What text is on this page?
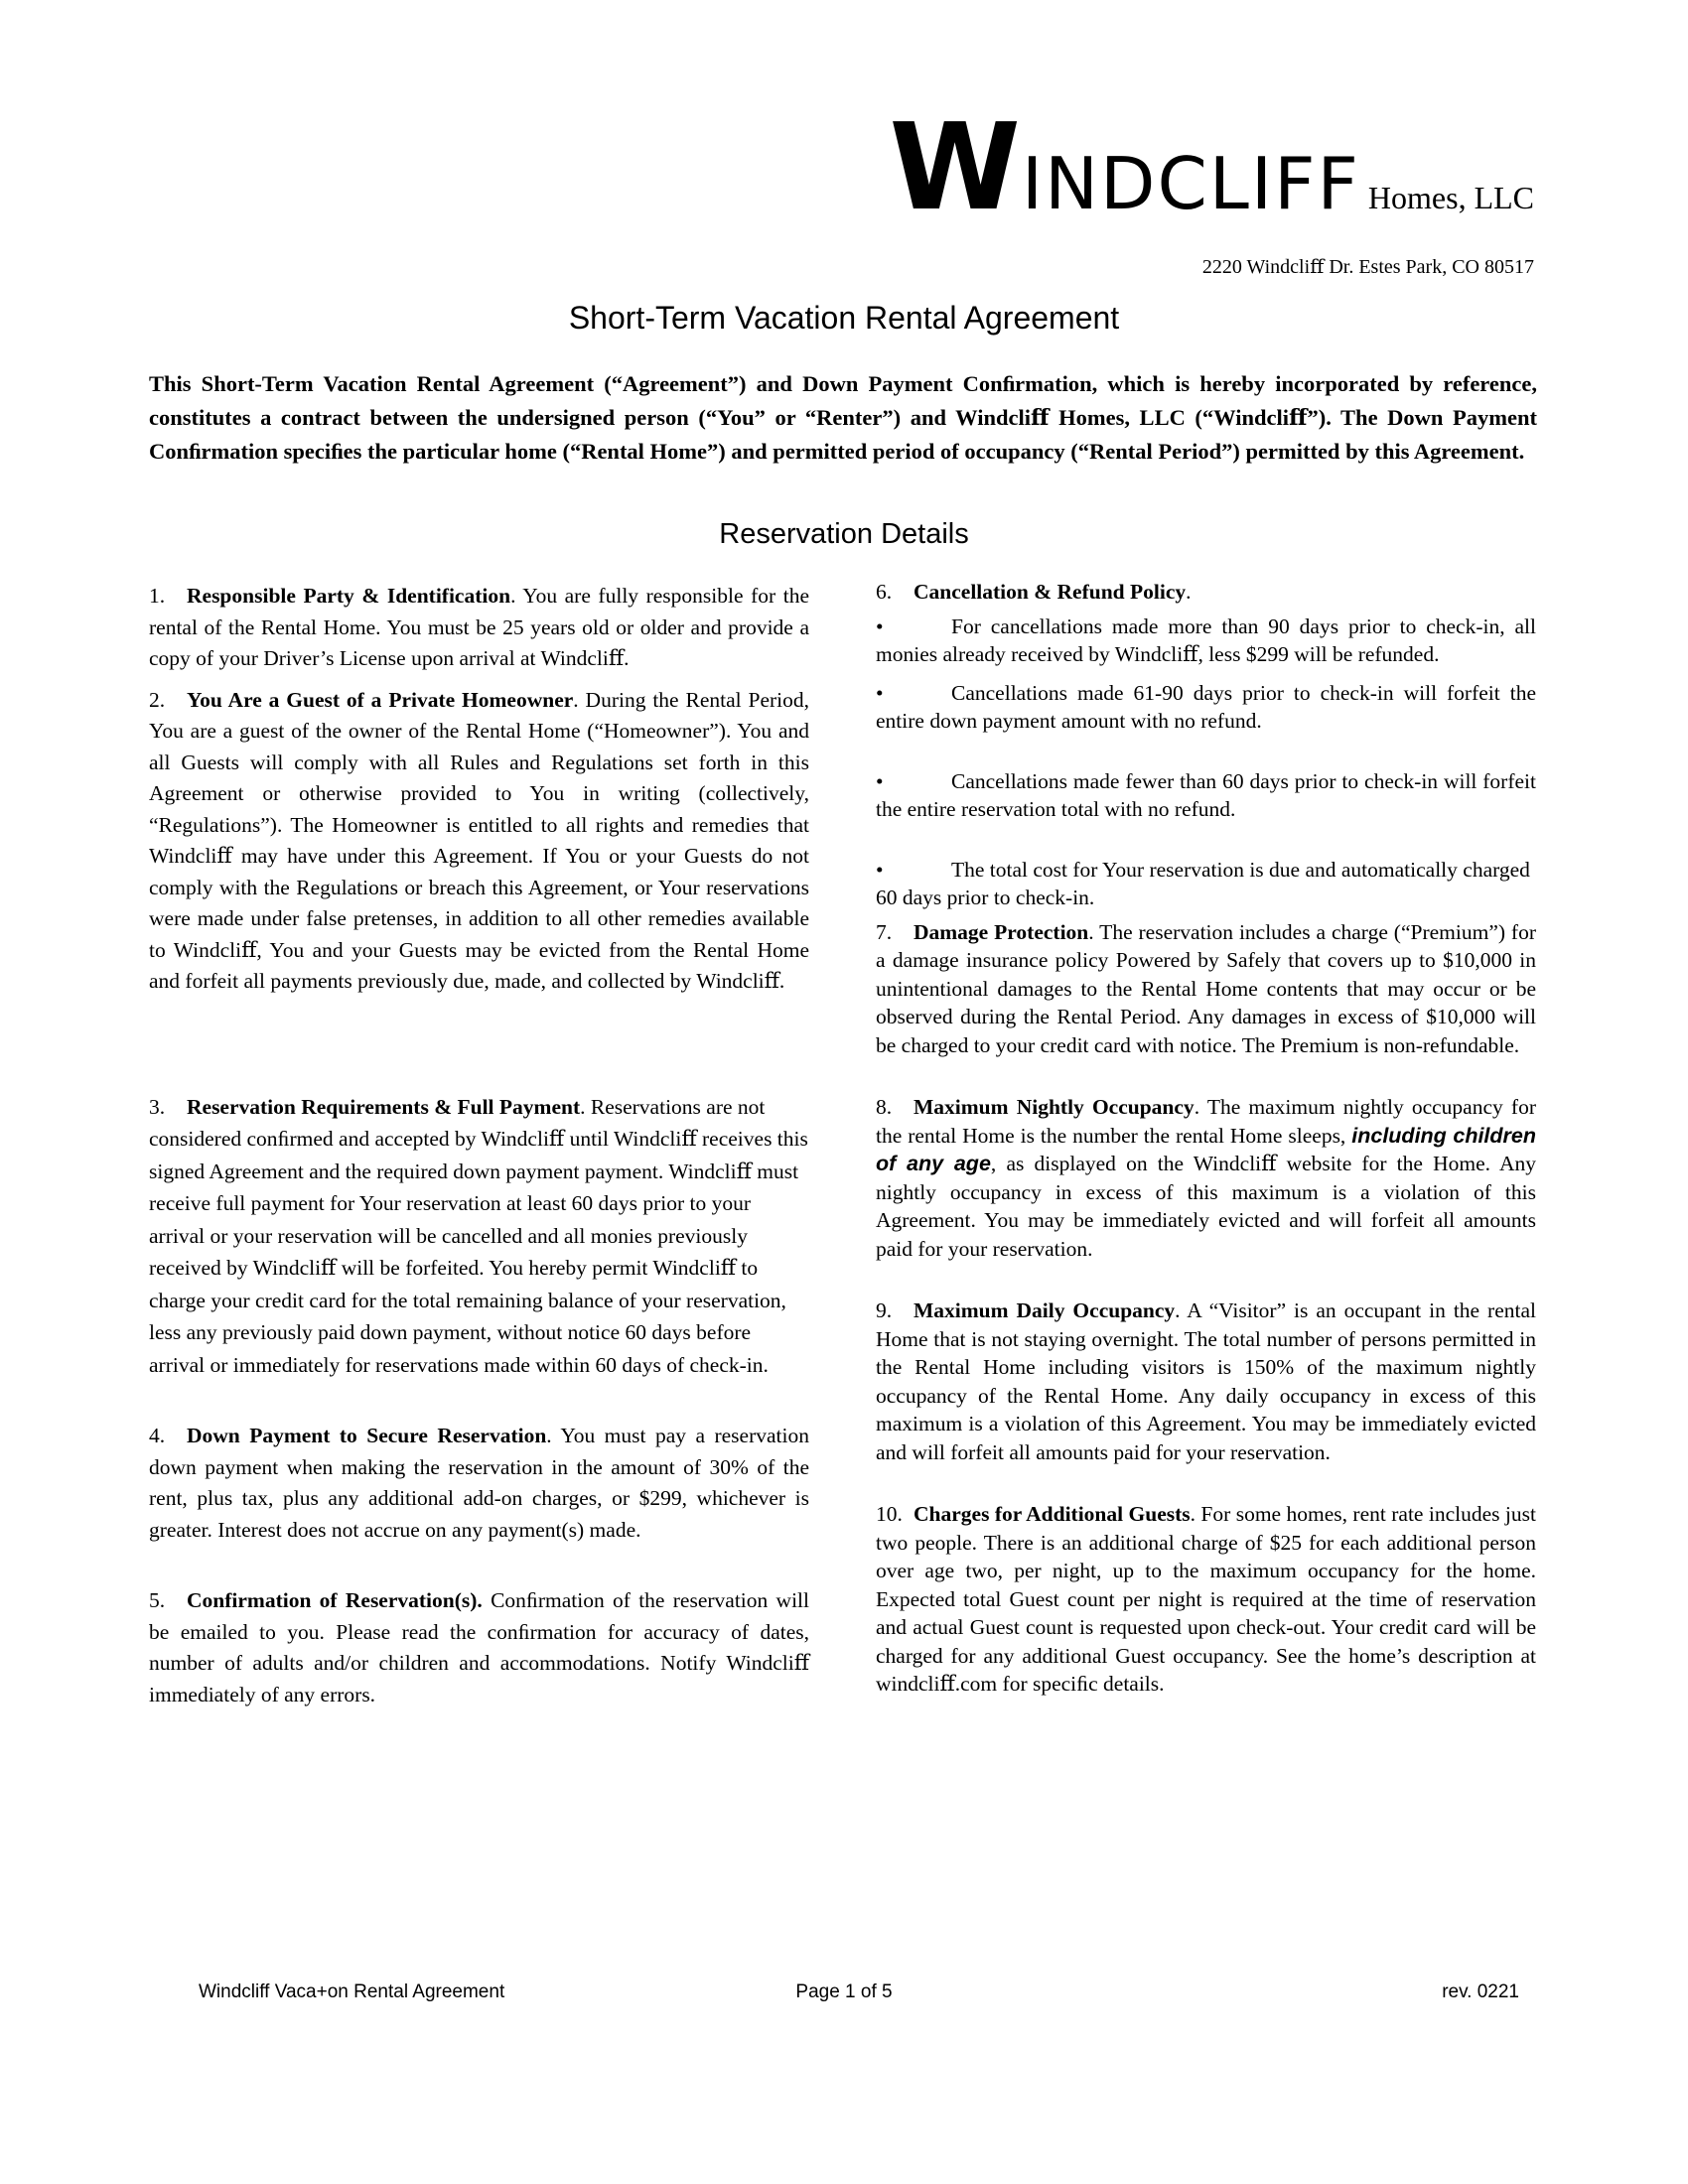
WINDCLIFF Homes, LLC
2220 Windcliﬀ Dr. Estes Park, CO 80517
Short-Term Vacation Rental Agreement

This Short-Term Vacation Rental Agreement (“Agreement”) and Down Payment Conﬁrmation, which is hereby incorporated by reference, constitutes a contract between the undersigned person (“You” or “Renter”) and Windcliﬀ Homes, LLC (“Windcliﬀ”). The Down Payment Conﬁrmation speciﬁes the particular home (“Rental Home”) and permitted period of occupancy (“Rental Period”) permitted by this Agreement.

Reservation Details

1. Responsible Party & Identification. You are fully responsible for the rental of the Rental Home. You must be 25 years old or older and provide a copy of your Driver’s License upon arrival at Windcliﬀ.

2. You Are a Guest of a Private Homeowner. During the Rental Period, You are a guest of the owner of the Rental Home (“Homeowner”). You and all Guests will comply with all Rules and Regulations set forth in this Agreement or otherwise provided to You in writing (collectively, “Regulations”). The Homeowner is entitled to all rights and remedies that Windcliﬀ may have under this Agreement. If You or your Guests do not comply with the Regulations or breach this Agreement, or Your reservations were made under false pretenses, in addition to all other remedies available to Windcliﬀ, You and your Guests may be evicted from the Rental Home and forfeit all payments previously due, made, and collected by Windcliﬀ.

3. Reservation Requirements & Full Payment. Reservations are not considered conﬁrmed and accepted by Windcliﬀ until Windcliﬀ receives this signed Agreement and the required down payment payment. Windcliﬀ must receive full payment for Your reservation at least 60 days prior to your arrival or your reservation will be cancelled and all monies previously received by Windcliﬀ will be forfeited. You hereby permit Windcliﬀ to charge your credit card for the total remaining balance of your reservation, less any previously paid down payment, without notice 60 days before arrival or immediately for reservations made within 60 days of check-in.

4. Down Payment to Secure Reservation. You must pay a reservation down payment when making the reservation in the amount of 30% of the rent, plus tax, plus any additional add-on charges, or $299, whichever is greater. Interest does not accrue on any payment(s) made.

5. Confirmation of Reservation(s). Conﬁrmation of the reservation will be emailed to you. Please read the conﬁrmation for accuracy of dates, number of adults and/or children and accommodations. Notify Windcliﬀ immediately of any errors.

6. Cancellation & Refund Policy.

•	For cancellations made more than 90 days prior to check-in, all monies already received by Windcliﬀ, less $299 will be refunded.

•	Cancellations made 61-90 days prior to check-in will forfeit the entire down payment amount with no refund.

•	Cancellations made fewer than 60 days prior to check-in will forfeit the entire reservation total with no refund.

•	The total cost for Your reservation is due and automatically charged 60 days prior to check-in.

7. Damage Protection. The reservation includes a charge (“Premium”) for a damage insurance policy Powered by Safely that covers up to $10,000 in unintentional damages to the Rental Home contents that may occur or be observed during the Rental Period. Any damages in excess of $10,000 will be charged to your credit card with notice. The Premium is non-refundable.

8. Maximum Nightly Occupancy. The maximum nightly occupancy for the rental Home is the number the rental Home sleeps, including children of any age, as displayed on the Windcliﬀ website for the Home. Any nightly occupancy in excess of this maximum is a violation of this Agreement. You may be immediately evicted and will forfeit all amounts paid for your reservation.

9. Maximum Daily Occupancy. A “Visitor” is an occupant in the rental Home that is not staying overnight. The total number of persons permitted in the Rental Home including visitors is 150% of the maximum nightly occupancy of the Rental Home. Any daily occupancy in excess of this maximum is a violation of this Agreement. You may be immediately evicted and will forfeit all amounts paid for your reservation.

10. Charges for Additional Guests. For some homes, rent rate includes just two people. There is an additional charge of $25 for each additional person over age two, per night, up to the maximum occupancy for the home. Expected total Guest count per night is required at the time of reservation and actual Guest count is requested upon check-out. Your credit card will be charged for any additional Guest occupancy. See the home’s description at windcliﬀ.com for speciﬁc details.

Windcliff Vaca+on Rental Agreement	Page 1 of 5	rev. 0221
